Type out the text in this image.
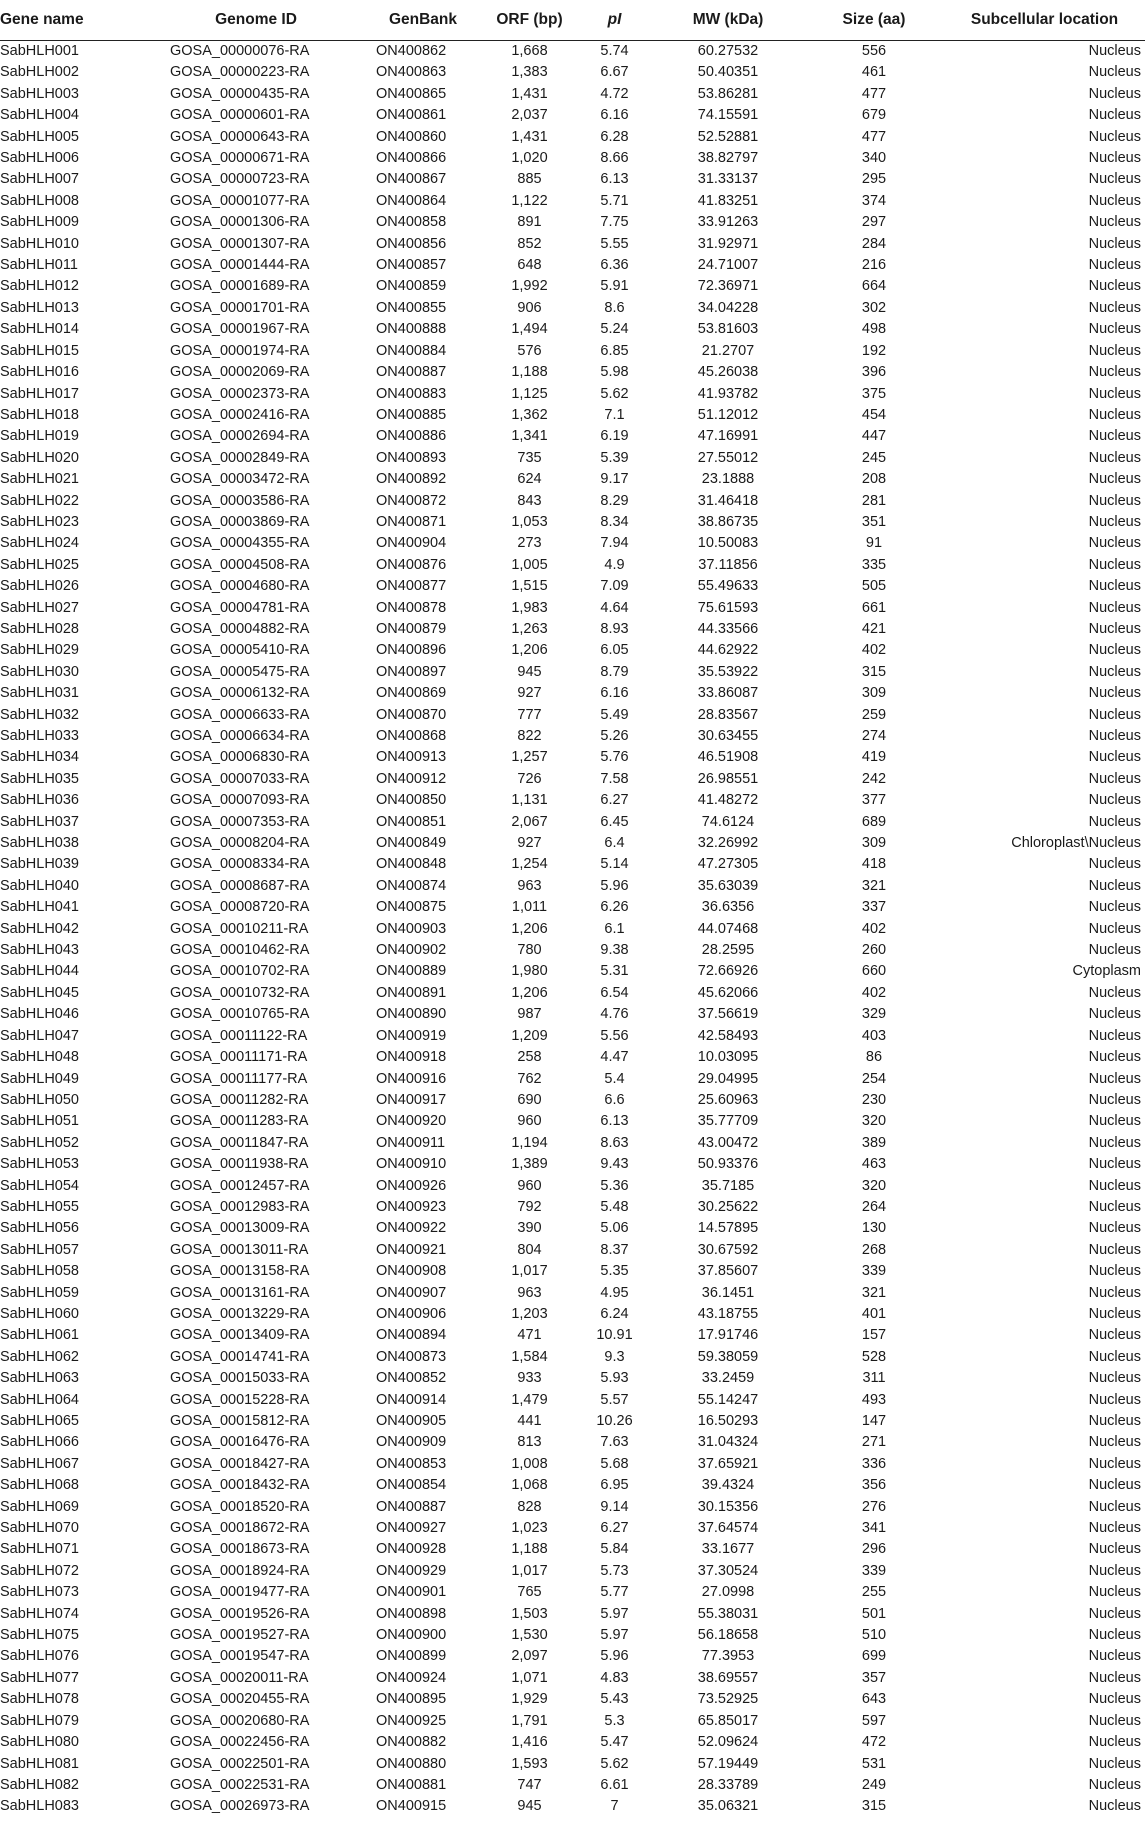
Gene name	Genome ID	GenBank	ORF (bp)	pI	MW (kDa)	Size (aa)	Subcellular location
SabHLH001	GOSA_00000076-RA	ON400862	1,668	5.74	60.27532	556	Nucleus
SabHLH002	GOSA_00000223-RA	ON400863	1,383	6.67	50.40351	461	Nucleus
SabHLH003	GOSA_00000435-RA	ON400865	1,431	4.72	53.86281	477	Nucleus
SabHLH004	GOSA_00000601-RA	ON400861	2,037	6.16	74.15591	679	Nucleus
SabHLH005	GOSA_00000643-RA	ON400860	1,431	6.28	52.52881	477	Nucleus
SabHLH006	GOSA_00000671-RA	ON400866	1,020	8.66	38.82797	340	Nucleus
SabHLH007	GOSA_00000723-RA	ON400867	885	6.13	31.33137	295	Nucleus
SabHLH008	GOSA_00001077-RA	ON400864	1,122	5.71	41.83251	374	Nucleus
SabHLH009	GOSA_00001306-RA	ON400858	891	7.75	33.91263	297	Nucleus
SabHLH010	GOSA_00001307-RA	ON400856	852	5.55	31.92971	284	Nucleus
SabHLH011	GOSA_00001444-RA	ON400857	648	6.36	24.71007	216	Nucleus
SabHLH012	GOSA_00001689-RA	ON400859	1,992	5.91	72.36971	664	Nucleus
SabHLH013	GOSA_00001701-RA	ON400855	906	8.6	34.04228	302	Nucleus
SabHLH014	GOSA_00001967-RA	ON400888	1,494	5.24	53.81603	498	Nucleus
SabHLH015	GOSA_00001974-RA	ON400884	576	6.85	21.2707	192	Nucleus
SabHLH016	GOSA_00002069-RA	ON400887	1,188	5.98	45.26038	396	Nucleus
SabHLH017	GOSA_00002373-RA	ON400883	1,125	5.62	41.93782	375	Nucleus
SabHLH018	GOSA_00002416-RA	ON400885	1,362	7.1	51.12012	454	Nucleus
SabHLH019	GOSA_00002694-RA	ON400886	1,341	6.19	47.16991	447	Nucleus
SabHLH020	GOSA_00002849-RA	ON400893	735	5.39	27.55012	245	Nucleus
SabHLH021	GOSA_00003472-RA	ON400892	624	9.17	23.1888	208	Nucleus
SabHLH022	GOSA_00003586-RA	ON400872	843	8.29	31.46418	281	Nucleus
SabHLH023	GOSA_00003869-RA	ON400871	1,053	8.34	38.86735	351	Nucleus
SabHLH024	GOSA_00004355-RA	ON400904	273	7.94	10.50083	91	Nucleus
SabHLH025	GOSA_00004508-RA	ON400876	1,005	4.9	37.11856	335	Nucleus
SabHLH026	GOSA_00004680-RA	ON400877	1,515	7.09	55.49633	505	Nucleus
SabHLH027	GOSA_00004781-RA	ON400878	1,983	4.64	75.61593	661	Nucleus
SabHLH028	GOSA_00004882-RA	ON400879	1,263	8.93	44.33566	421	Nucleus
SabHLH029	GOSA_00005410-RA	ON400896	1,206	6.05	44.62922	402	Nucleus
SabHLH030	GOSA_00005475-RA	ON400897	945	8.79	35.53922	315	Nucleus
SabHLH031	GOSA_00006132-RA	ON400869	927	6.16	33.86087	309	Nucleus
SabHLH032	GOSA_00006633-RA	ON400870	777	5.49	28.83567	259	Nucleus
SabHLH033	GOSA_00006634-RA	ON400868	822	5.26	30.63455	274	Nucleus
SabHLH034	GOSA_00006830-RA	ON400913	1,257	5.76	46.51908	419	Nucleus
SabHLH035	GOSA_00007033-RA	ON400912	726	7.58	26.98551	242	Nucleus
SabHLH036	GOSA_00007093-RA	ON400850	1,131	6.27	41.48272	377	Nucleus
SabHLH037	GOSA_00007353-RA	ON400851	2,067	6.45	74.6124	689	Nucleus
SabHLH038	GOSA_00008204-RA	ON400849	927	6.4	32.26992	309	Chloroplast\Nucleus
SabHLH039	GOSA_00008334-RA	ON400848	1,254	5.14	47.27305	418	Nucleus
SabHLH040	GOSA_00008687-RA	ON400874	963	5.96	35.63039	321	Nucleus
SabHLH041	GOSA_00008720-RA	ON400875	1,011	6.26	36.6356	337	Nucleus
SabHLH042	GOSA_00010211-RA	ON400903	1,206	6.1	44.07468	402	Nucleus
SabHLH043	GOSA_00010462-RA	ON400902	780	9.38	28.2595	260	Nucleus
SabHLH044	GOSA_00010702-RA	ON400889	1,980	5.31	72.66926	660	Cytoplasm
SabHLH045	GOSA_00010732-RA	ON400891	1,206	6.54	45.62066	402	Nucleus
SabHLH046	GOSA_00010765-RA	ON400890	987	4.76	37.56619	329	Nucleus
SabHLH047	GOSA_00011122-RA	ON400919	1,209	5.56	42.58493	403	Nucleus
SabHLH048	GOSA_00011171-RA	ON400918	258	4.47	10.03095	86	Nucleus
SabHLH049	GOSA_00011177-RA	ON400916	762	5.4	29.04995	254	Nucleus
SabHLH050	GOSA_00011282-RA	ON400917	690	6.6	25.60963	230	Nucleus
SabHLH051	GOSA_00011283-RA	ON400920	960	6.13	35.77709	320	Nucleus
SabHLH052	GOSA_00011847-RA	ON400911	1,194	8.63	43.00472	389	Nucleus
SabHLH053	GOSA_00011938-RA	ON400910	1,389	9.43	50.93376	463	Nucleus
SabHLH054	GOSA_00012457-RA	ON400926	960	5.36	35.7185	320	Nucleus
SabHLH055	GOSA_00012983-RA	ON400923	792	5.48	30.25622	264	Nucleus
SabHLH056	GOSA_00013009-RA	ON400922	390	5.06	14.57895	130	Nucleus
SabHLH057	GOSA_00013011-RA	ON400921	804	8.37	30.67592	268	Nucleus
SabHLH058	GOSA_00013158-RA	ON400908	1,017	5.35	37.85607	339	Nucleus
SabHLH059	GOSA_00013161-RA	ON400907	963	4.95	36.1451	321	Nucleus
SabHLH060	GOSA_00013229-RA	ON400906	1,203	6.24	43.18755	401	Nucleus
SabHLH061	GOSA_00013409-RA	ON400894	471	10.91	17.91746	157	Nucleus
SabHLH062	GOSA_00014741-RA	ON400873	1,584	9.3	59.38059	528	Nucleus
SabHLH063	GOSA_00015033-RA	ON400852	933	5.93	33.2459	311	Nucleus
SabHLH064	GOSA_00015228-RA	ON400914	1,479	5.57	55.14247	493	Nucleus
SabHLH065	GOSA_00015812-RA	ON400905	441	10.26	16.50293	147	Nucleus
SabHLH066	GOSA_00016476-RA	ON400909	813	7.63	31.04324	271	Nucleus
SabHLH067	GOSA_00018427-RA	ON400853	1,008	5.68	37.65921	336	Nucleus
SabHLH068	GOSA_00018432-RA	ON400854	1,068	6.95	39.4324	356	Nucleus
SabHLH069	GOSA_00018520-RA	ON400887	828	9.14	30.15356	276	Nucleus
SabHLH070	GOSA_00018672-RA	ON400927	1,023	6.27	37.64574	341	Nucleus
SabHLH071	GOSA_00018673-RA	ON400928	1,188	5.84	33.1677	296	Nucleus
SabHLH072	GOSA_00018924-RA	ON400929	1,017	5.73	37.30524	339	Nucleus
SabHLH073	GOSA_00019477-RA	ON400901	765	5.77	27.0998	255	Nucleus
SabHLH074	GOSA_00019526-RA	ON400898	1,503	5.97	55.38031	501	Nucleus
SabHLH075	GOSA_00019527-RA	ON400900	1,530	5.97	56.18658	510	Nucleus
SabHLH076	GOSA_00019547-RA	ON400899	2,097	5.96	77.3953	699	Nucleus
SabHLH077	GOSA_00020011-RA	ON400924	1,071	4.83	38.69557	357	Nucleus
SabHLH078	GOSA_00020455-RA	ON400895	1,929	5.43	73.52925	643	Nucleus
SabHLH079	GOSA_00020680-RA	ON400925	1,791	5.3	65.85017	597	Nucleus
SabHLH080	GOSA_00022456-RA	ON400882	1,416	5.47	52.09624	472	Nucleus
SabHLH081	GOSA_00022501-RA	ON400880	1,593	5.62	57.19449	531	Nucleus
SabHLH082	GOSA_00022531-RA	ON400881	747	6.61	28.33789	249	Nucleus
SabHLH083	GOSA_00026973-RA	ON400915	945	7	35.06321	315	Nucleus
